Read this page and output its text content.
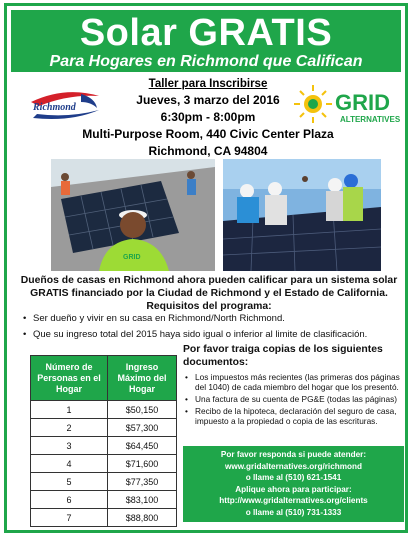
Solar GRATIS
Para Hogares en Richmond que Califican
Richmond
Taller para Inscribirse
Jueves, 3 marzo del 2016
6:30pm - 8:00pm
Multi-Purpose Room, 440 Civic Center Plaza
Richmond, CA 94804
GRID
ALTERNATIVES
GRID
Dueños de casas en Richmond ahora pueden calificar para un sistema solar GRATIS financiado por la Ciudad de Richmond y el Estado de California.
Requisitos del programa:
• Ser dueño y vivir en su casa en Richmond/North Richmond.
• Que su ingreso total del 2015 haya sido igual o inferior al limite de clasificación.
Número de Personas en el Hogar	Ingreso Máximo del Hogar
1	$50,150
2	$57,300
3	$64,450
4	$71,600
5	$77,350
6	$83,100
7	$88,800
Por favor traiga copias de los siguientes documentos:
• Los impuestos más recientes (las primeras dos páginas del 1040) de cada miembro del hogar que los presentó.
• Una factura de su cuenta de PG&E (todas las páginas)
• Recibo de la hipoteca, declaración del seguro de casa, impuesto a la propiedad o copia de las escrituras.
Por favor responda si puede atender:
www.gridalternatives.org/richmond
o llame al (510) 621-1541
Aplique ahora para participar:
http://www.gridalternatives.org/clients
o llame al (510) 731-1333
